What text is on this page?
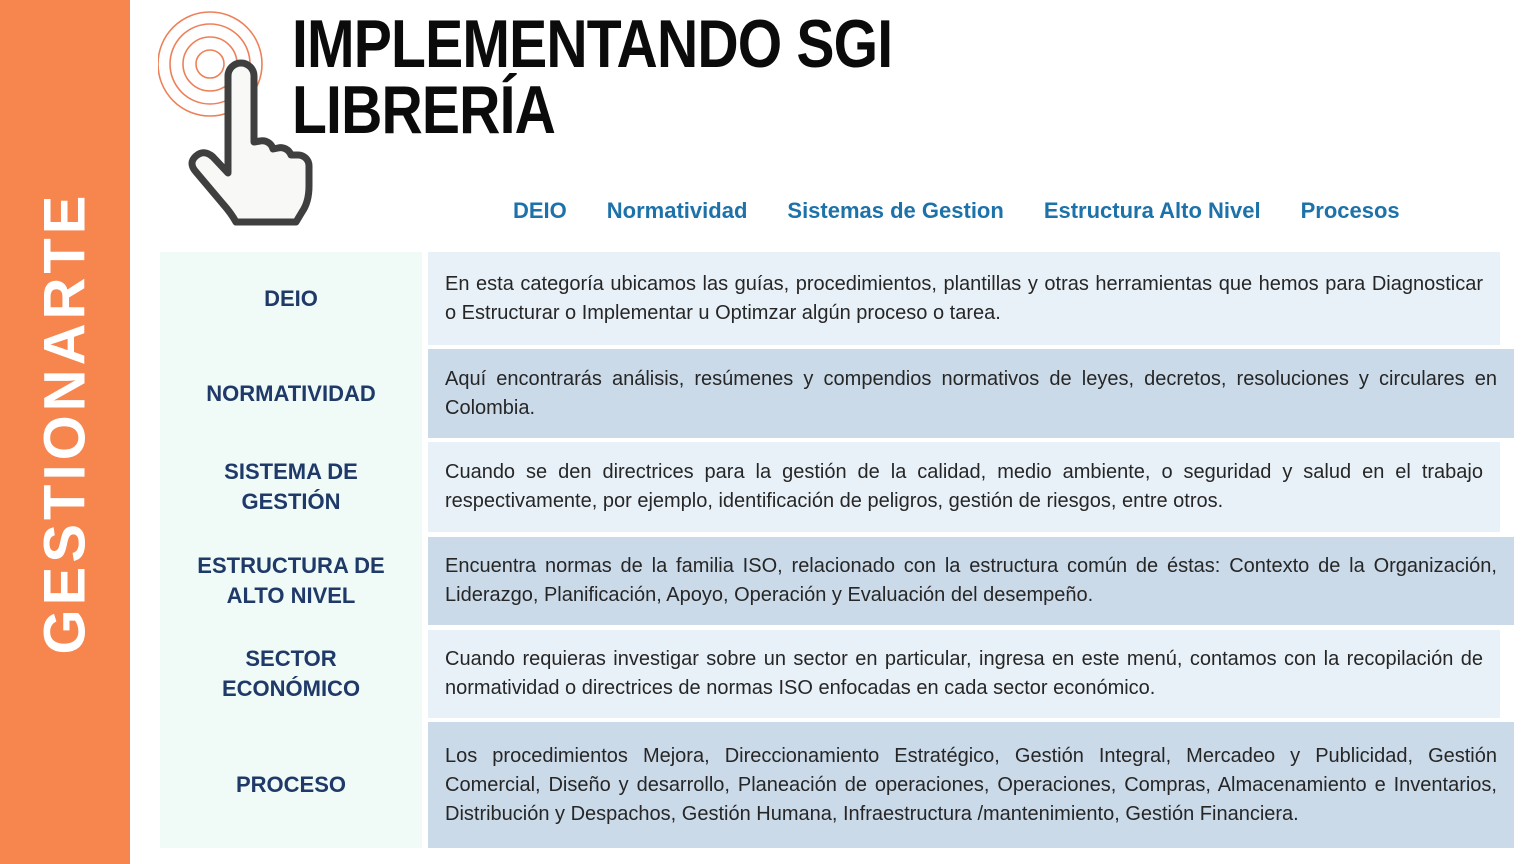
GESTIONARTE
IMPLEMENTANDO SGI
LIBRERÍA
DEIO Normatividad Sistemas de Gestion Estructura Alto Nivel Procesos
DEIO
NORMATIVIDAD
SISTEMA DE GESTIÓN
ESTRUCTURA DE ALTO NIVEL
SECTOR ECONÓMICO
PROCESO

En esta categoría ubicamos las guías, procedimientos, plantillas y otras herramientas que hemos para Diagnosticar o Estructurar o Implementar u Optimzar algún proceso o tarea.

Aquí encontrarás análisis, resúmenes y compendios normativos de leyes, decretos, resoluciones y circulares en Colombia.

Cuando se den directrices para la gestión de la calidad, medio ambiente, o seguridad y salud en el trabajo respectivamente, por ejemplo, identificación de peligros, gestión de riesgos, entre otros.

Encuentra normas de la familia ISO, relacionado con la estructura común de éstas: Contexto de la Organización, Liderazgo, Planificación, Apoyo, Operación y Evaluación del desempeño.

Cuando requieras investigar sobre un sector en particular, ingresa en este menú, contamos con la recopilación de normatividad o directrices de normas ISO enfocadas en cada sector económico.

Los procedimientos Mejora, Direccionamiento Estratégico, Gestión Integral, Mercadeo y Publicidad, Gestión Comercial, Diseño y desarrollo, Planeación de operaciones, Operaciones, Compras, Almacenamiento e Inventarios, Distribución y Despachos, Gestión Humana, Infraestructura /mantenimiento, Gestión Financiera.
